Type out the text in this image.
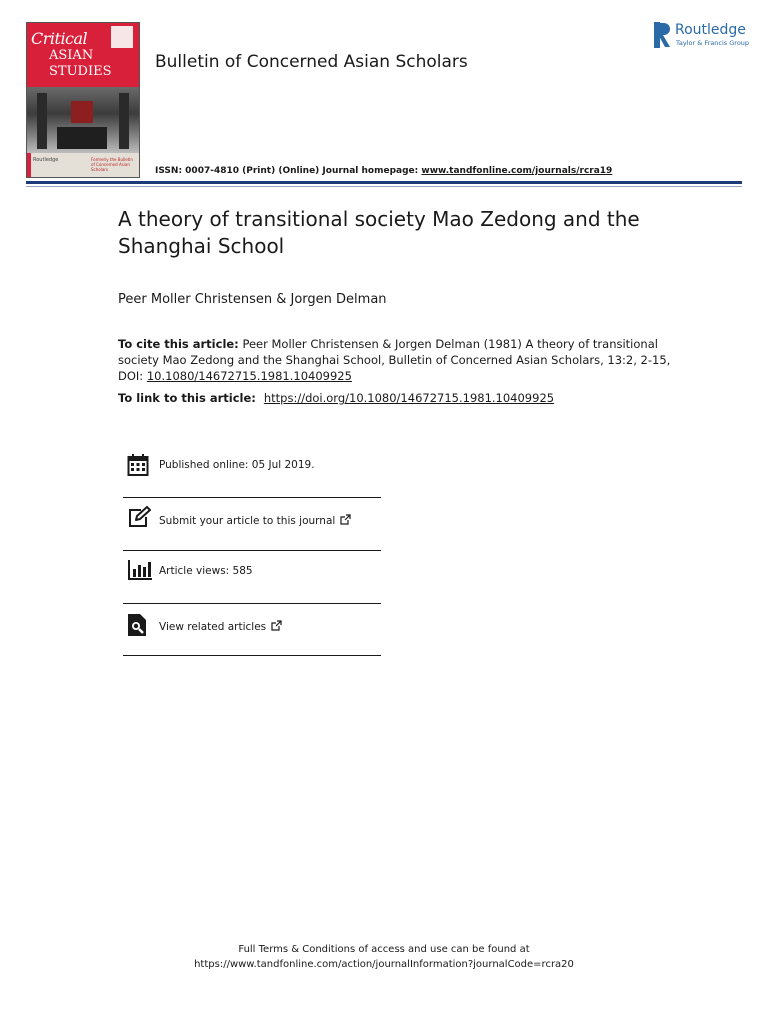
Critical
ASIAN
STUDIES
Routledge	Formerly the Bulletin of Concerned Asian Scholars
Bulletin of Concerned Asian Scholars
Routledge
Taylor & Francis Group
ISSN: 0007-4810 (Print) (Online) Journal homepage: www.tandfonline.com/journals/rcra19
A theory of transitional society Mao Zedong and the Shanghai School
Peer Moller Christensen & Jorgen Delman
To cite this article: Peer Moller Christensen & Jorgen Delman (1981) A theory of transitional society Mao Zedong and the Shanghai School, Bulletin of Concerned Asian Scholars, 13:2, 2-15, DOI: 10.1080/14672715.1981.10409925
To link to this article: https://doi.org/10.1080/14672715.1981.10409925
Published online: 05 Jul 2019.
Submit your article to this journal
Article views: 585
View related articles
Full Terms & Conditions of access and use can be found at
https://www.tandfonline.com/action/journalInformation?journalCode=rcra20
